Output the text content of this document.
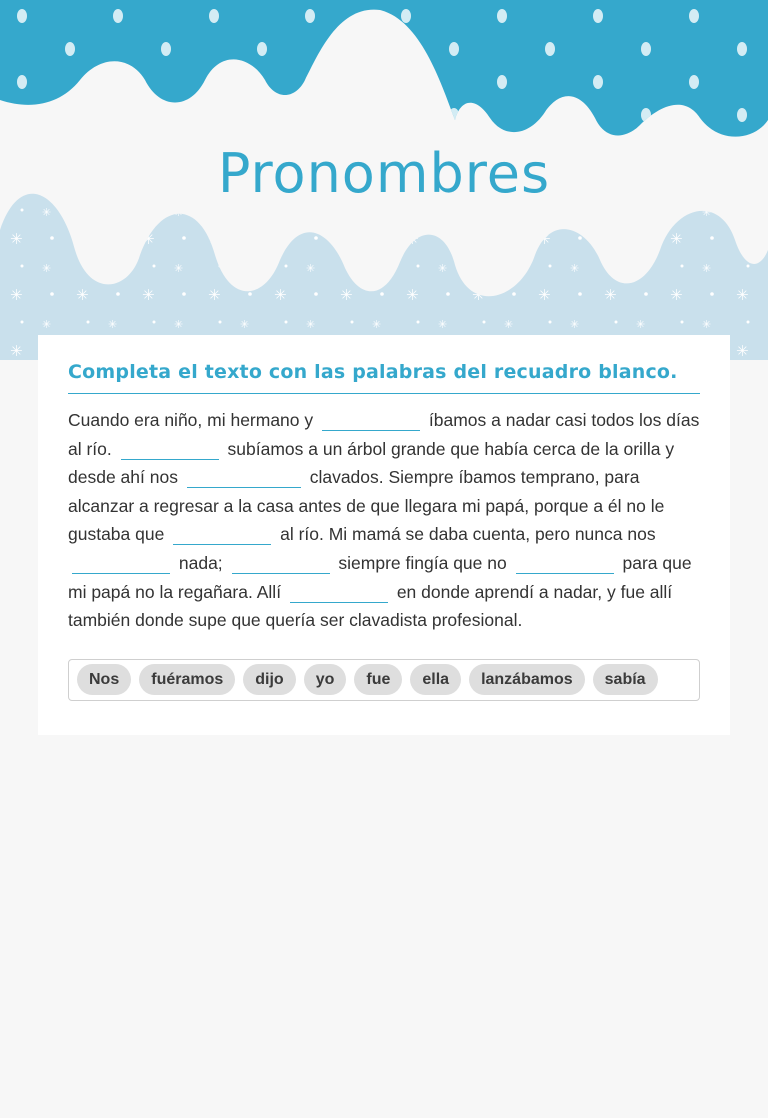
Pronombres
Completa el texto con las palabras del recuadro blanco.

Cuando era niño, mi hermano y	íbamos a nadar casi todos los días al río.	subíamos a un árbol grande que había cerca de la orilla y desde ahí nos	clavados. Siempre íbamos temprano, para alcanzar a regresar a la casa antes de que llegara mi papá, porque a él no le gustaba que	al río. Mi mamá se daba cuenta, pero nunca nos  nada;	siempre fingía que no	para que mi papá no la regañara. Allí	en donde aprendí a nadar, y fue allí también donde supe que quería ser clavadista profesional.

Nos	fuéramos	dijo	yo	fue	ella	lanzábamos	sabía
